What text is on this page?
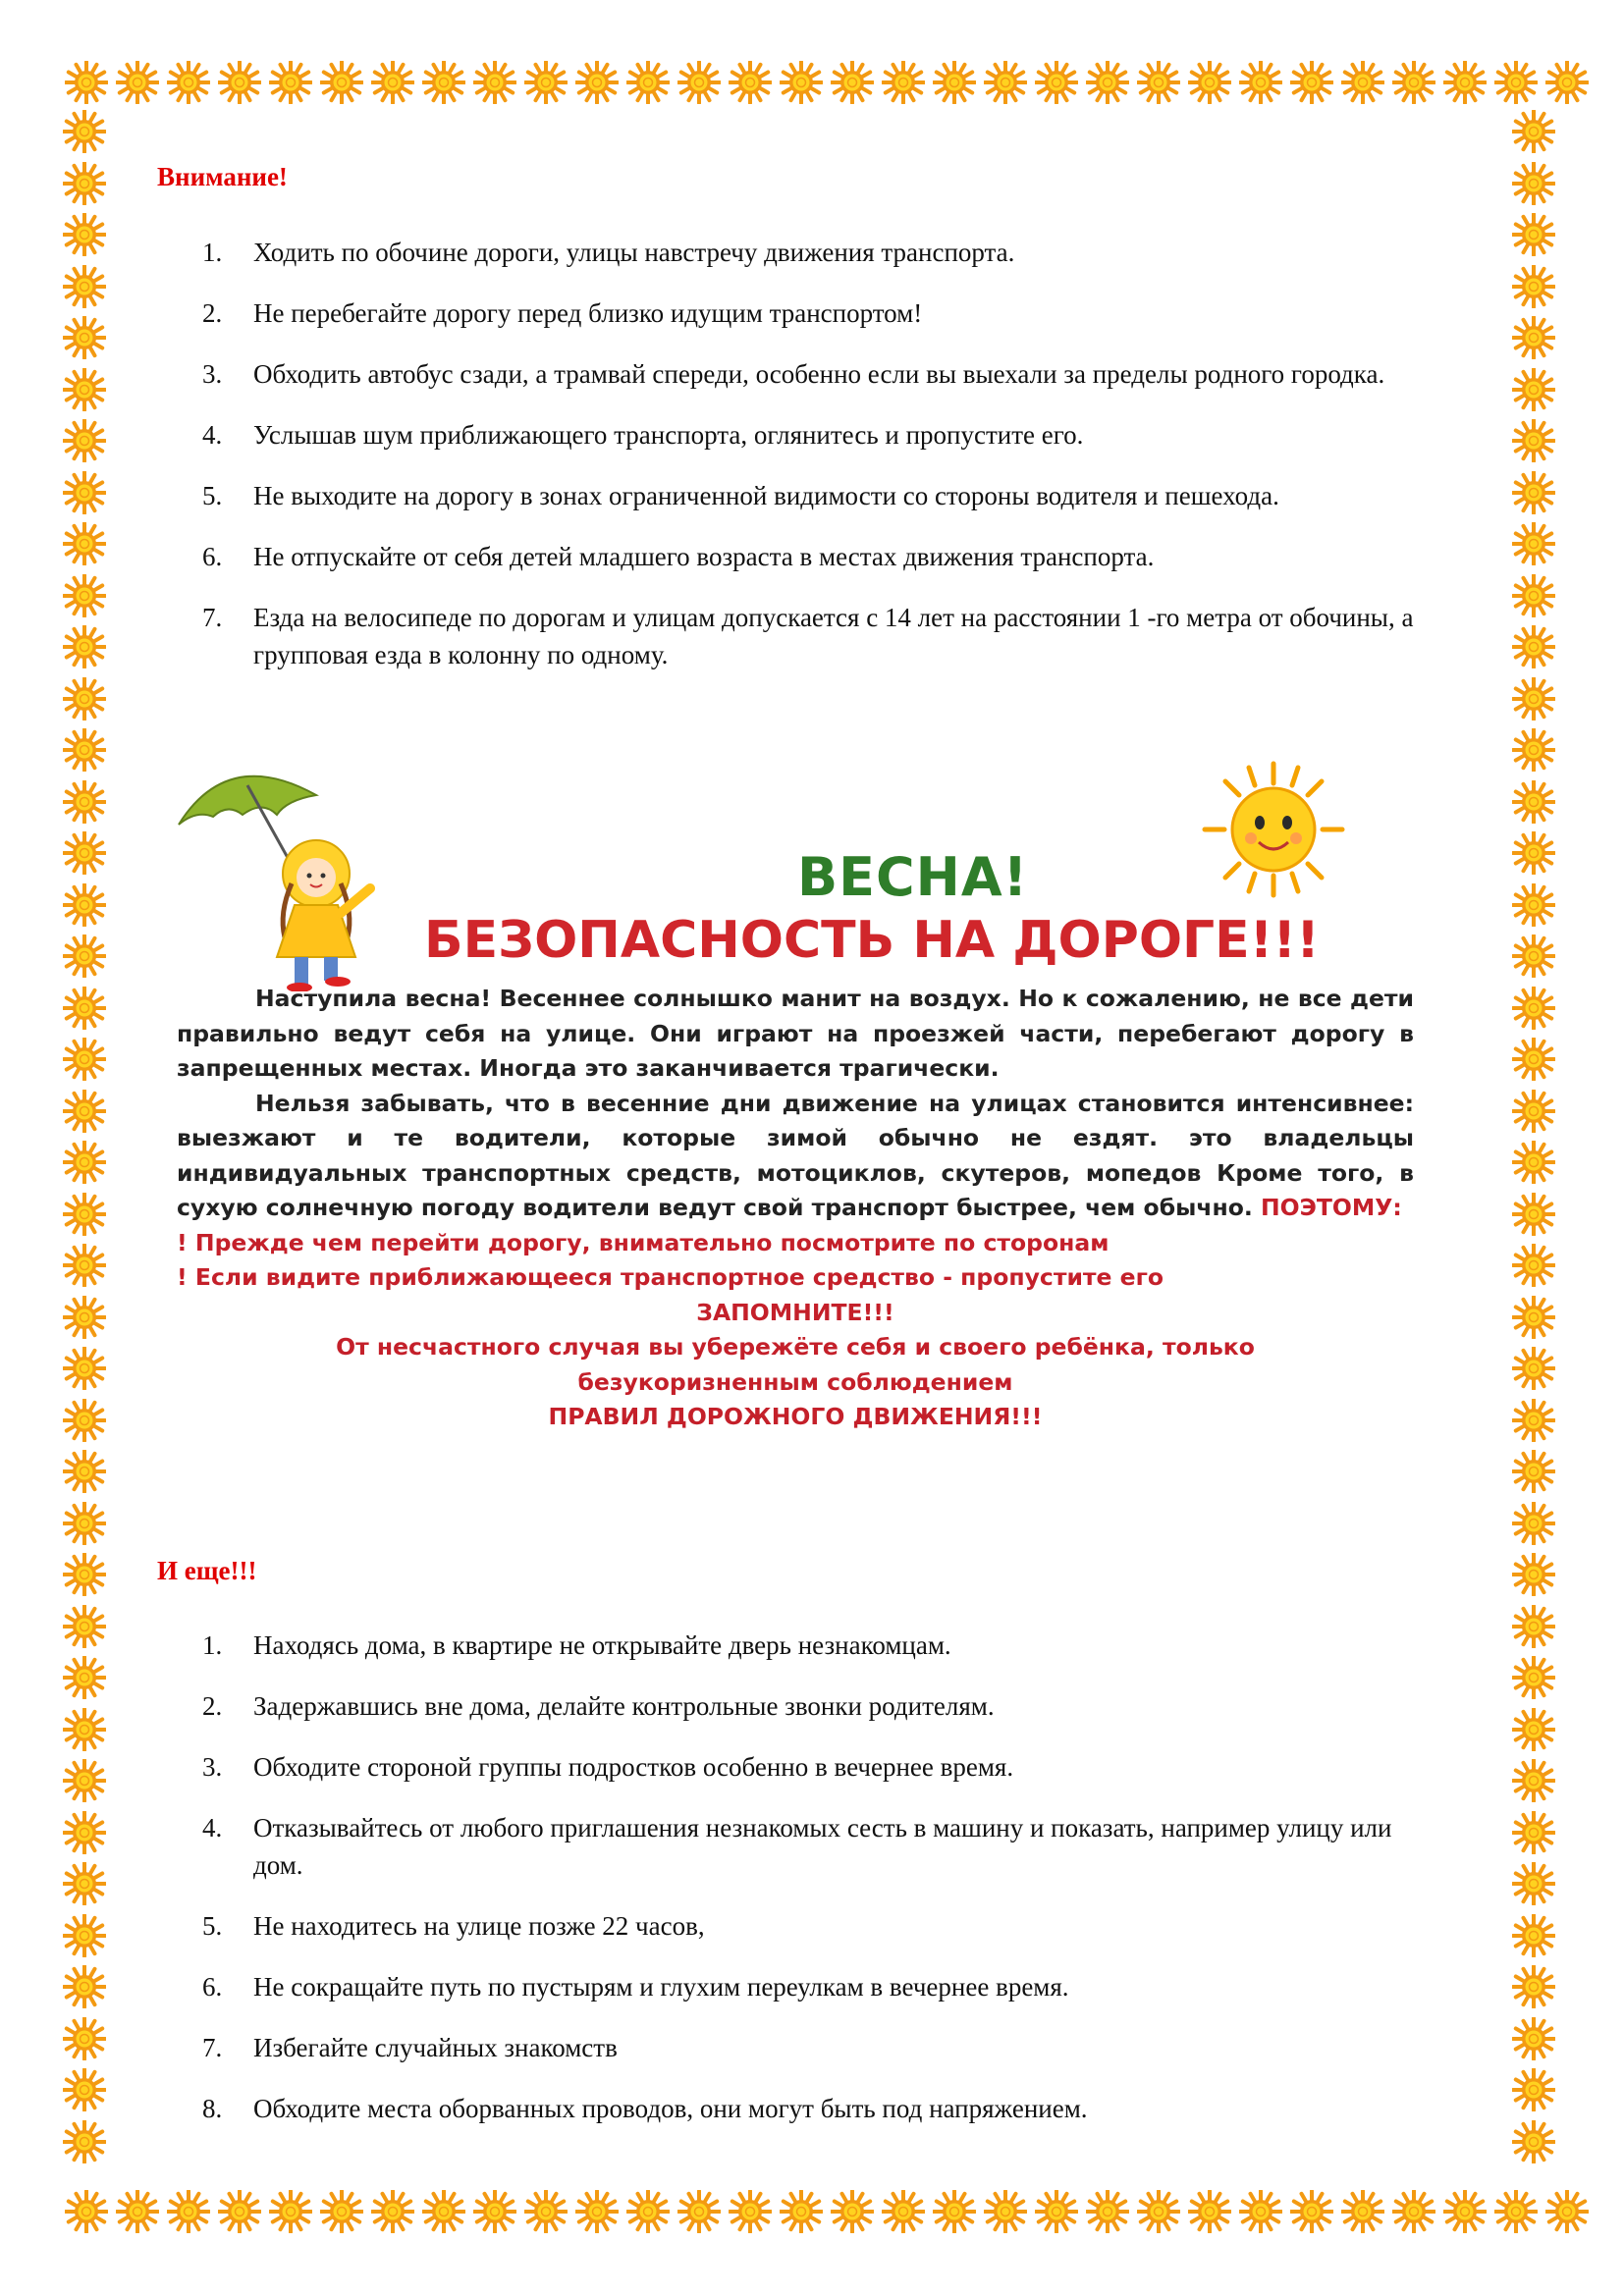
Внимание!
1. Ходить по обочине дороги, улицы навстречу движения транспорта.
2. Не перебегайте дорогу перед близко идущим транспортом!
3. Обходить автобус сзади, а трамвай спереди, особенно если вы выехали за пределы родного городка.
4. Услышав шум приближающего транспорта, оглянитесь и пропустите его.
5. Не выходите на дорогу в зонах ограниченной видимости со стороны водителя и пешехода.
6. Не отпускайте от себя детей младшего возраста в местах движения транспорта.
7. Езда на велосипеде по дорогам и улицам допускается с 14 лет на расстоянии 1 -го метра от обочины, а групповая езда в колонну по одному.
ВЕСНА!
БЕЗОПАСНОСТЬ НА ДОРОГЕ!!!

Наступила весна! Весеннее солнышко манит на воздух. Но к сожалению, не все дети правильно ведут себя на улице. Они играют на проезжей части, перебегают дорогу в запрещенных местах. Иногда это заканчивается трагически.

Нельзя забывать, что в весенние дни движение на улицах становится интенсивнее: выезжают и те водители, которые зимой обычно не ездят. это владельцы индивидуальных транспортных средств, мотоциклов, скутеров, мопедов Кроме того, в сухую солнечную погоду водители ведут свой транспорт быстрее, чем обычно. ПОЭТОМУ:

! Прежде чем перейти дорогу, внимательно посмотрите по сторонам
! Если видите приближающееся транспортное средство - пропустите его
ЗАПОМНИТЕ!!!
От несчастного случая вы убережёте себя и своего ребёнка, только
безукоризненным соблюдением
ПРАВИЛ ДОРОЖНОГО ДВИЖЕНИЯ!!!
И еще!!!
1. Находясь дома, в квартире не открывайте дверь незнакомцам.
2. Задержавшись вне дома, делайте контрольные звонки родителям.
3. Обходите стороной группы подростков особенно в вечернее время.
4. Отказывайтесь от любого приглашения незнакомых сесть в машину и показать, например улицу или дом.
5. Не находитесь на улице позже 22 часов,
6. Не сокращайте путь по пустырям и глухим переулкам в вечернее время.
7. Избегайте случайных знакомств
8. Обходите места оборванных проводов, они могут быть под напряжением.
